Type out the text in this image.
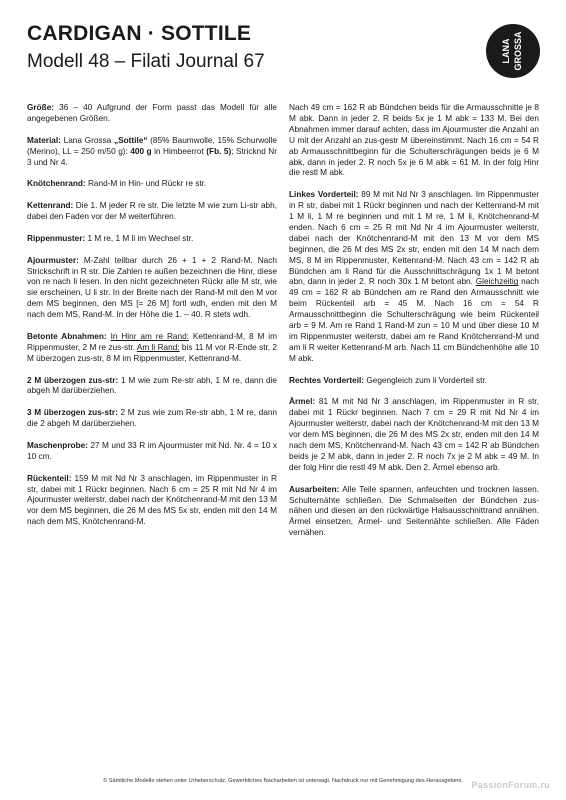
CARDIGAN · SOTTILE
Modell 48 – Filati Journal 67	LANA GROSSA

Größe: 36 – 40 Aufgrund der Form passt das Modell für alle angegebenen Größen.

Material: Lana Grossa „Sottile“ (85% Baumwolle, 15% Schurwolle (Merino), LL = 250 m/50 g): 400 g in Himbeerrot (Fb. 5); Stricknd Nr 3 und Nr 4.

Knötchenrand: Rand-M in Hin- und Rückr re str.

Kettenrand: Die 1. M jeder R re str. Die letzte M wie zum Li-str abh, dabei den Faden vor der M weiterführen.

Rippenmuster: 1 M re, 1 M li im Wechsel str.

Ajourmuster: M-Zahl teilbar durch 26 + 1 + 2 Rand-M. Nach Strickschrift in R str. Die Zahlen re außen bezeichnen die Hinr, diese von re nach li lesen. In den nicht gezeichneten Rückr alle M str, wie sie erscheinen, U li str. In der Breite nach der Rand-M mit den M vor dem MS beginnen, den MS [= 26 M] fortl wdh, enden mit den M nach dem MS, Rand-M. In der Höhe die 1. – 40. R stets wdh.

Betonte Abnahmen: In Hinr am re Rand: Kettenrand-M, 8 M im Rippenmuster, 2 M re zus-str. Am li Rand: bis 11 M vor R-Ende str, 2 M überzogen zus-str, 8 M im Rippenmuster, Kettenrand-M.

2 M überzogen zus-str: 1 M wie zum Re-str abh, 1 M re, dann die abgeh M darüberziehen.

3 M überzogen zus-str: 2 M zus wie zum Re-str abh, 1 M re, dann die 2 abgeh M darüberziehen.

Maschenprobe: 27 M und 33 R im Ajourmuster mit Nd. Nr. 4 = 10 x 10 cm.

Rückenteil: 159 M mit Nd Nr 3 anschlagen, im Rippenmuster in R str, dabei mit 1 Rückr beginnen. Nach 6 cm = 25 R mit Nd Nr 4 im Ajourmuster weiterstr, dabei nach der Knötchenrand-M mit den 13 M vor dem MS beginnen, die 26 M des MS 5x str, enden mit den 14 M nach dem MS, Knötchenrand-M.

Nach 49 cm = 162 R ab Bündchen beids für die Armausschnitte je 8 M abk. Dann in jeder 2. R beids 5x je 1 M abk = 133 M. Bei den Abnahmen immer darauf achten, dass im Ajourmuster die Anzahl an U mit der Anzahl an zus-gestr M übereinstimmt. Nach 16 cm = 54 R ab Armausschnittbeginn für die Schulterschrägungen beids je 6 M abk, dann in jeder 2. R noch 5x je 6 M abk = 61 M. In der folg Hinr die restl M abk.

Linkes Vorderteil: 89 M mit Nd Nr 3 anschlagen. Im Rippenmuster in R str, dabei mit 1 Rückr beginnen und nach der Kettenrand-M mit 1 M li, 1 M re beginnen und mit 1 M re, 1 M li, Knötchenrand-M enden. Nach 6 cm = 25 R mit Nd Nr 4 im Ajourmuster weiterstr, dabei nach der Knötchenrand-M mit den 13 M vor dem MS beginnen, die 26 M des MS 2x str, enden mit den 14 M nach dem MS, 8 M im Rippenmuster, Kettenrand-M. Nach 43 cm = 142 R ab Bündchen am li Rand für die Ausschnittschrägung 1x 1 M betont abn, dann in jeder 2. R noch 30x 1 M betont abn. Gleichzeitig nach 49 cm = 162 R ab Bündchen am re Rand den Armausschnitt wie beim Rückenteil arb = 45 M. Nach 16 cm = 54 R Armausschnittbeginn die Schulterschrägung wie beim Rückenteil arb = 9 M. Am re Rand 1 Rand-M zun = 10 M und über diese 10 M im Rippenmuster weiterstr, dabei am re Rand Knötchenrand-M und am li R weiter Kettenrand-M arb. Nach 11 cm Bündchenhöhe alle 10 M abk.

Rechtes Vorderteil: Gegengleich zum li Vorderteil str.

Ärmel: 81 M mit Nd Nr 3 anschlagen, im Rippenmuster in R str, dabei mit 1 Rückr beginnen. Nach 7 cm = 29 R mit Nd Nr 4 im Ajourmuster weiterstr, dabei nach der Knötchenrand-M mit den 13 M vor dem MS beginnen, die 26 M des MS 2x str, enden mit den 14 M nach dem MS, Knötchenrand-M. Nach 43 cm = 142 R ab Bündchen beids je 2 M abk, dann in jeder 2. R noch 7x je 2 M abk = 49 M. In der folg Hinr die restl 49 M abk. Den 2. Ärmel ebenso arb.

Ausarbeiten: Alle Teile spannen, anfeuchten und trocknen lassen. Schulternähte schließen. Die Schmalseiten der Bündchen zus-nähen und diesen an den rückwärtige Halsausschnittrand annähen. Ärmel einsetzen, Ärmel- und Seitennähte schließen. Alle Fäden vernähen.

© Sämtliche Modelle stehen unter Urheberschutz. Gewerbliches Nacharbeiten ist untersagt. Nachdruck nur mit Genehmigung des Herausgebers. PassionForum.ru
